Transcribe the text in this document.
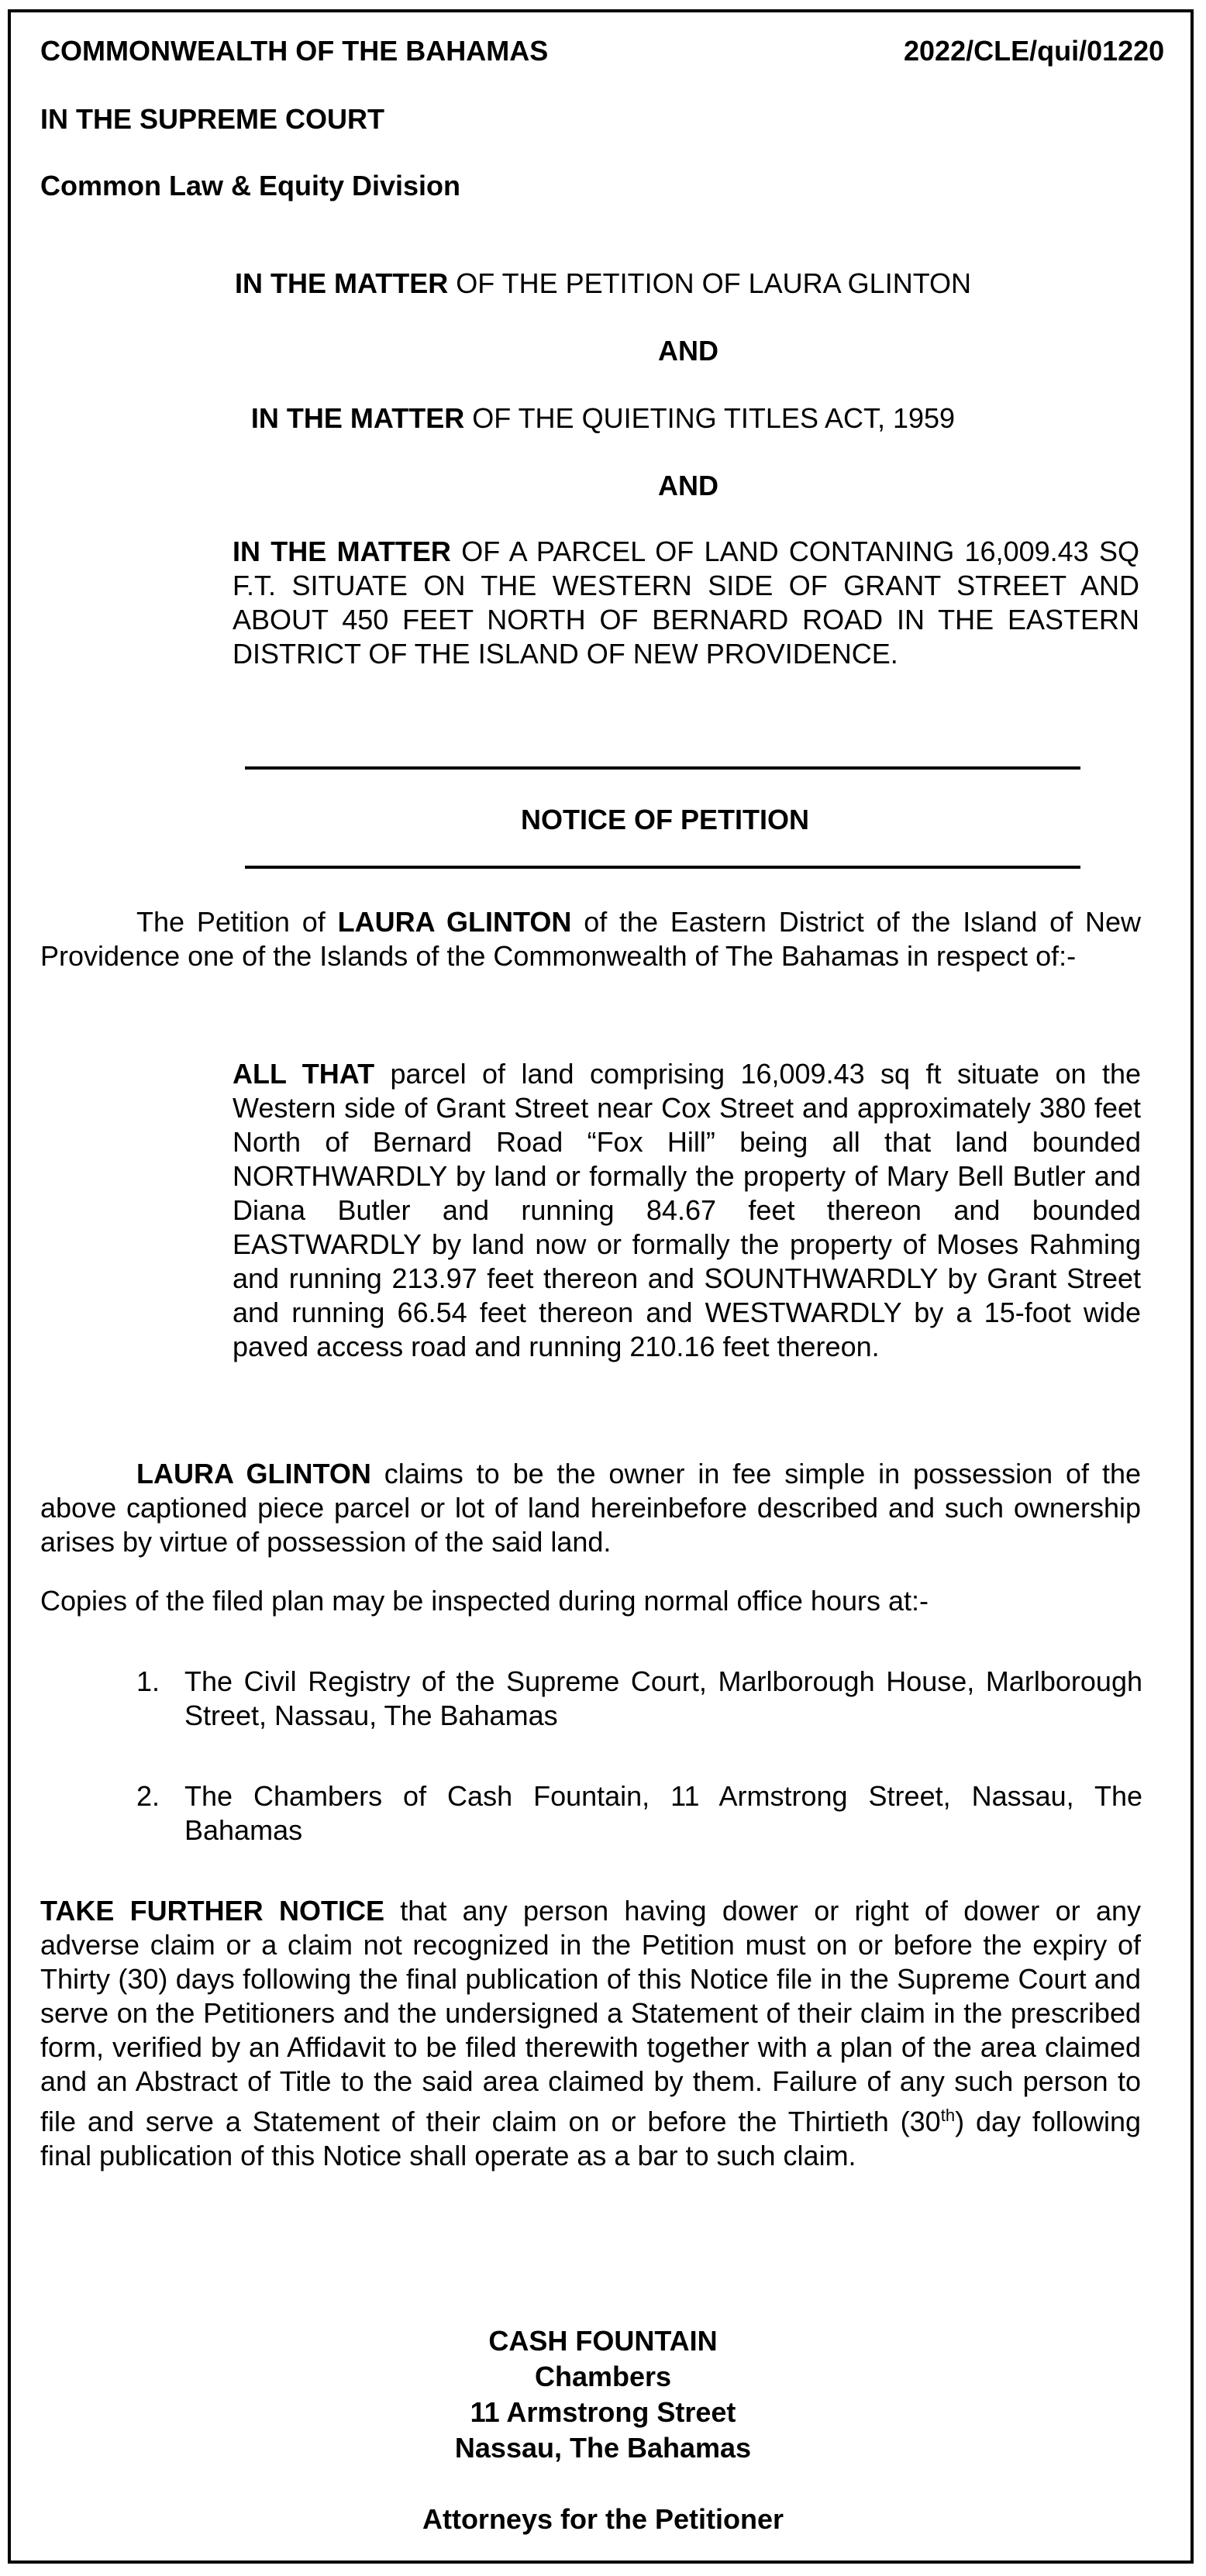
COMMONWEALTH OF THE BAHAMAS	2022/CLE/qui/01220
IN THE SUPREME COURT
Common Law & Equity Division
IN THE MATTER OF THE PETITION OF LAURA GLINTON
AND
IN THE MATTER OF THE QUIETING TITLES ACT, 1959
AND
IN THE MATTER OF A PARCEL OF LAND CONTANING 16,009.43 SQ F.T. SITUATE ON THE WESTERN SIDE OF GRANT STREET AND ABOUT 450 FEET NORTH OF BERNARD ROAD IN THE EASTERN DISTRICT OF THE ISLAND OF NEW PROVIDENCE.
NOTICE OF PETITION
The Petition of LAURA GLINTON of the Eastern District of the Island of New Providence one of the Islands of the Commonwealth of The Bahamas in respect of:-
ALL THAT parcel of land comprising 16,009.43 sq ft situate on the Western side of Grant Street near Cox Street and approximately 380 feet North of Bernard Road “Fox Hill” being all that land bounded NORTHWARDLY by land or formally the property of Mary Bell Butler and Diana Butler and running 84.67 feet thereon and bounded EASTWARDLY by land now or formally the property of Moses Rahming and running 213.97 feet thereon and SOUNTHWARDLY by Grant Street and running 66.54 feet thereon and WESTWARDLY by a 15-foot wide paved access road and running 210.16 feet thereon.
LAURA GLINTON claims to be the owner in fee simple in possession of the above captioned piece parcel or lot of land hereinbefore described and such ownership arises by virtue of possession of the said land.
Copies of the filed plan may be inspected during normal office hours at:-
1. The Civil Registry of the Supreme Court, Marlborough House, Marlborough Street, Nassau, The Bahamas
2. The Chambers of Cash Fountain, 11 Armstrong Street, Nassau, The Bahamas
TAKE FURTHER NOTICE that any person having dower or right of dower or any adverse claim or a claim not recognized in the Petition must on or before the expiry of Thirty (30) days following the final publication of this Notice file in the Supreme Court and serve on the Petitioners and the undersigned a Statement of their claim in the prescribed form, verified by an Affidavit to be filed therewith together with a plan of the area claimed and an Abstract of Title to the said area claimed by them. Failure of any such person to file and serve a Statement of their claim on or before the Thirtieth (30th) day following final publication of this Notice shall operate as a bar to such claim.
CASH FOUNTAIN
Chambers
11 Armstrong Street
Nassau, The Bahamas
Attorneys for the Petitioner
